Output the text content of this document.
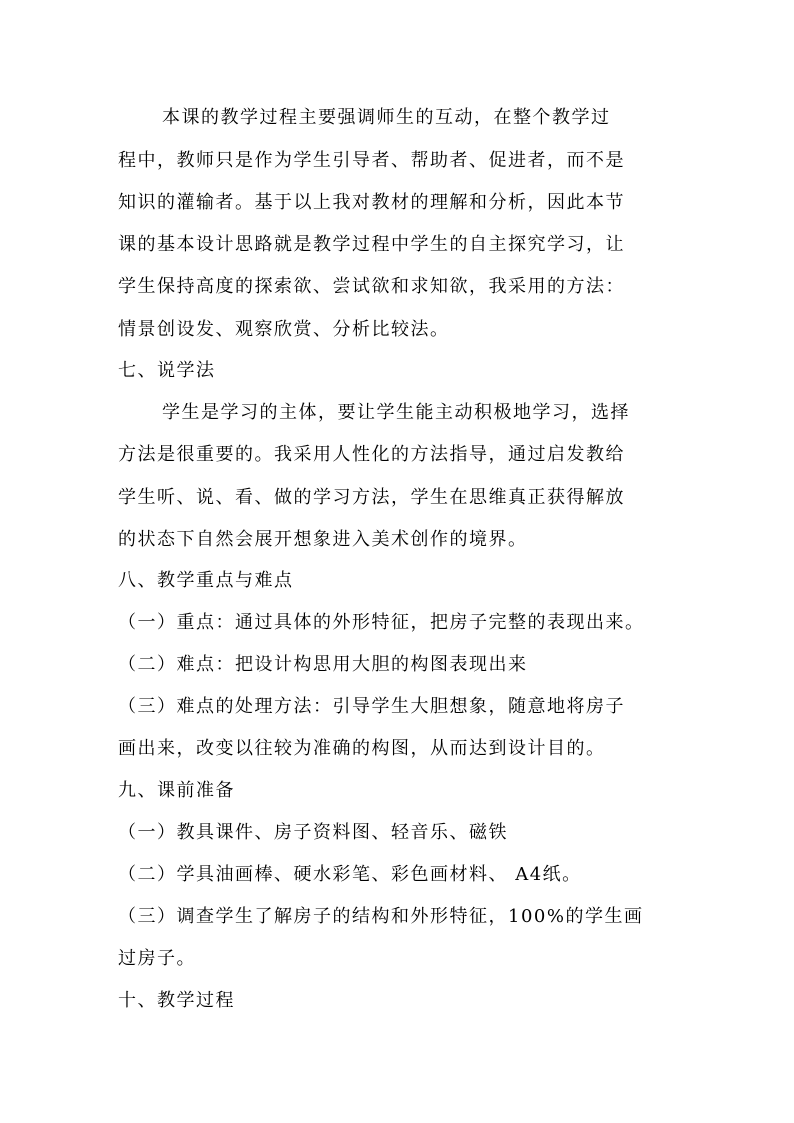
本课的教学过程主要强调师生的互动，在整个教学过
程中，教师只是作为学生引导者、帮助者、促进者，而不是
知识的灌输者。基于以上我对教材的理解和分析，因此本节
课的基本设计思路就是教学过程中学生的自主探究学习，让
学生保持高度的探索欲、尝试欲和求知欲，我采用的方法：
情景创设发、观察欣赏、分析比较法。
七、说学法
学生是学习的主体，要让学生能主动积极地学习，选择
方法是很重要的。我采用人性化的方法指导，通过启发教给
学生听、说、看、做的学习方法，学生在思维真正获得解放
的状态下自然会展开想象进入美术创作的境界。
八、教学重点与难点
（一）重点：通过具体的外形特征，把房子完整的表现出来。
（二）难点：把设计构思用大胆的构图表现出来
（三）难点的处理方法：引导学生大胆想象，随意地将房子
画出来，改变以往较为准确的构图，从而达到设计目的。
九、课前准备
（一）教具课件、房子资料图、轻音乐、磁铁
（二）学具油画棒、硬水彩笔、彩色画材料、 A4纸。
（三）调查学生了解房子的结构和外形特征，100%的学生画
过房子。
十、教学过程
